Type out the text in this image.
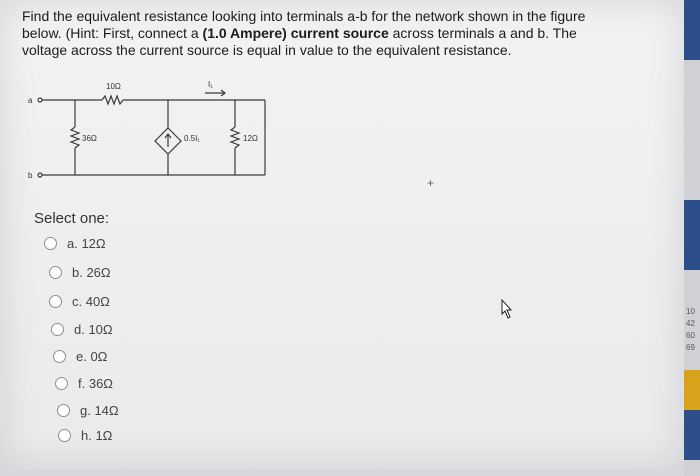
Find the equivalent resistance looking into terminals a-b for the network shown in the figure
below. (Hint: First, connect a (1.0 Ampere) current source across terminals a and b. The
voltage across the current source is equal in value to the equivalent resistance.
a
b
10Ω
36Ω	0.5I₁	12Ω
I₁
Select one:
a. 12Ω
b. 26Ω
c. 40Ω
d. 10Ω
e. 0Ω
f. 36Ω
g. 14Ω
h. 1Ω
+
10
42
60
69
